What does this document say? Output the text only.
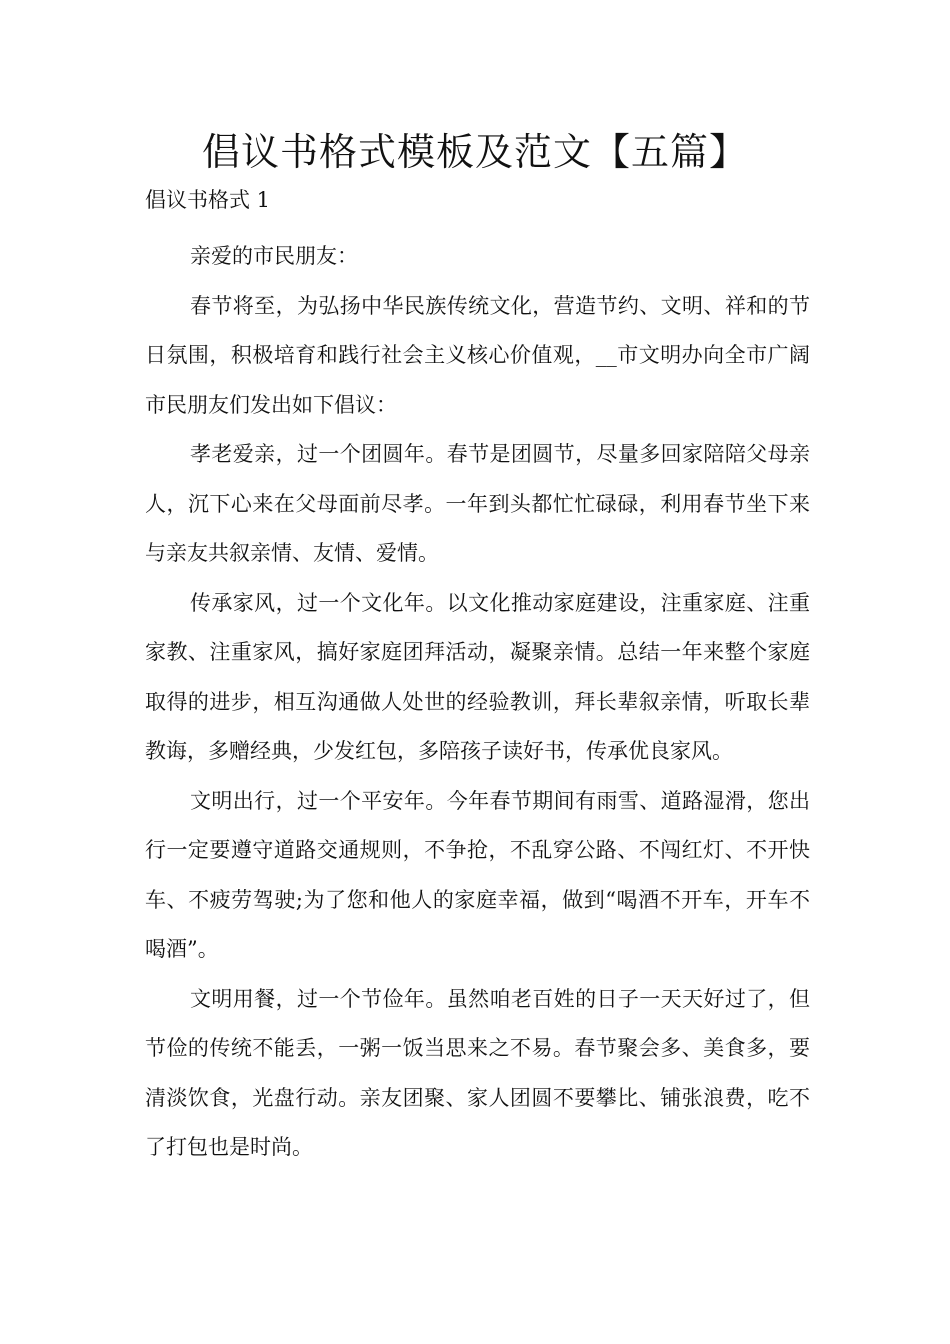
倡议书格式模板及范文【五篇】
倡议书格式 1

亲爱的市民朋友：

春节将至，为弘扬中华民族传统文化，营造节约、文明、祥和的节日氛围，积极培育和践行社会主义核心价值观，__市文明办向全市广阔市民朋友们发出如下倡议：

孝老爱亲，过一个团圆年。春节是团圆节，尽量多回家陪陪父母亲人，沉下心来在父母面前尽孝。一年到头都忙忙碌碌，利用春节坐下来与亲友共叙亲情、友情、爱情。

传承家风，过一个文化年。以文化推动家庭建设，注重家庭、注重家教、注重家风，搞好家庭团拜活动，凝聚亲情。总结一年来整个家庭取得的进步，相互沟通做人处世的经验教训，拜长辈叙亲情，听取长辈教诲，多赠经典，少发红包，多陪孩子读好书，传承优良家风。

文明出行，过一个平安年。今年春节期间有雨雪、道路湿滑，您出行一定要遵守道路交通规则，不争抢，不乱穿公路、不闯红灯、不开快车、不疲劳驾驶;为了您和他人的家庭幸福，做到“喝酒不开车，开车不喝酒”。

文明用餐，过一个节俭年。虽然咱老百姓的日子一天天好过了，但节俭的传统不能丢，一粥一饭当思来之不易。春节聚会多、美食多，要清淡饮食，光盘行动。亲友团聚、家人团圆不要攀比、铺张浪费，吃不了打包也是时尚。
